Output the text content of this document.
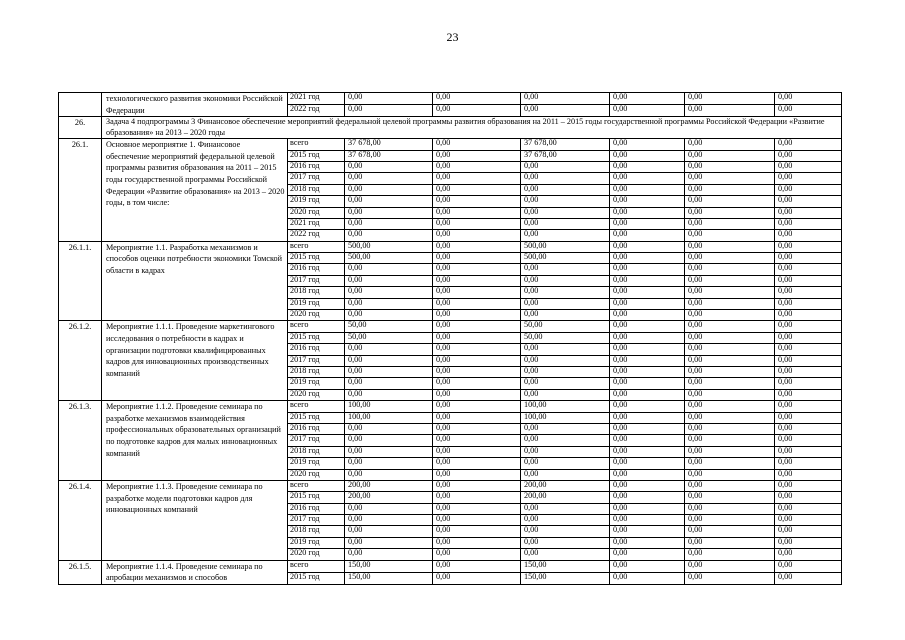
23
	технологического развития экономики Российской Федерации	2021 год	0,00	0,00	0,00	0,00	0,00	0,00
		2022 год	0,00	0,00	0,00	0,00	0,00	0,00
26.	Задача 4 подпрограммы 3 Финансовое обеспечение мероприятий федеральной целевой программы развития образования на 2011 – 2015 годы государственной программы Российской Федерации «Развитие образования» на 2013 – 2020 годы							
26.1.	Основное мероприятие 1. Финансовое обеспечение мероприятий федеральной целевой программы развития образования на 2011 – 2015 годы государственной программы Российской Федерации «Развитие образования» на 2013 – 2020 годы, в том числе:	всего	37 678,00	0,00	37 678,00	0,00	0,00	0,00
		2015 год	37 678,00	0,00	37 678,00	0,00	0,00	0,00
		2016 год	0,00	0,00	0,00	0,00	0,00	0,00
		2017 год	0,00	0,00	0,00	0,00	0,00	0,00
		2018 год	0,00	0,00	0,00	0,00	0,00	0,00
		2019 год	0,00	0,00	0,00	0,00	0,00	0,00
		2020 год	0,00	0,00	0,00	0,00	0,00	0,00
		2021 год	0,00	0,00	0,00	0,00	0,00	0,00
		2022 год	0,00	0,00	0,00	0,00	0,00	0,00
26.1.1.	Мероприятие 1.1. Разработка механизмов и способов оценки потребности экономики Томской области в кадрах	всего	500,00	0,00	500,00	0,00	0,00	0,00
		2015 год	500,00	0,00	500,00	0,00	0,00	0,00
		2016 год	0,00	0,00	0,00	0,00	0,00	0,00
		2017 год	0,00	0,00	0,00	0,00	0,00	0,00
		2018 год	0,00	0,00	0,00	0,00	0,00	0,00
		2019 год	0,00	0,00	0,00	0,00	0,00	0,00
		2020 год	0,00	0,00	0,00	0,00	0,00	0,00
26.1.2.	Мероприятие 1.1.1. Проведение маркетингового исследования о потребности в кадрах и организации подготовки квалифицированных кадров для инновационных производственных компаний	всего	50,00	0,00	50,00	0,00	0,00	0,00
		2015 год	50,00	0,00	50,00	0,00	0,00	0,00
		2016 год	0,00	0,00	0,00	0,00	0,00	0,00
		2017 год	0,00	0,00	0,00	0,00	0,00	0,00
		2018 год	0,00	0,00	0,00	0,00	0,00	0,00
		2019 год	0,00	0,00	0,00	0,00	0,00	0,00
		2020 год	0,00	0,00	0,00	0,00	0,00	0,00
26.1.3.	Мероприятие 1.1.2. Проведение семинара по разработке механизмов взаимодействия профессиональных образовательных организаций по подготовке кадров для малых инновационных компаний	всего	100,00	0,00	100,00	0,00	0,00	0,00
		2015 год	100,00	0,00	100,00	0,00	0,00	0,00
		2016 год	0,00	0,00	0,00	0,00	0,00	0,00
		2017 год	0,00	0,00	0,00	0,00	0,00	0,00
		2018 год	0,00	0,00	0,00	0,00	0,00	0,00
		2019 год	0,00	0,00	0,00	0,00	0,00	0,00
		2020 год	0,00	0,00	0,00	0,00	0,00	0,00
26.1.4.	Мероприятие 1.1.3. Проведение семинара по разработке модели подготовки кадров для инновационных компаний	всего	200,00	0,00	200,00	0,00	0,00	0,00
		2015 год	200,00	0,00	200,00	0,00	0,00	0,00
		2016 год	0,00	0,00	0,00	0,00	0,00	0,00
		2017 год	0,00	0,00	0,00	0,00	0,00	0,00
		2018 год	0,00	0,00	0,00	0,00	0,00	0,00
		2019 год	0,00	0,00	0,00	0,00	0,00	0,00
		2020 год	0,00	0,00	0,00	0,00	0,00	0,00
26.1.5.	Мероприятие 1.1.4. Проведение семинара по апробации механизмов и способов	всего	150,00	0,00	150,00	0,00	0,00	0,00
		2015 год	150,00	0,00	150,00	0,00	0,00	0,00
